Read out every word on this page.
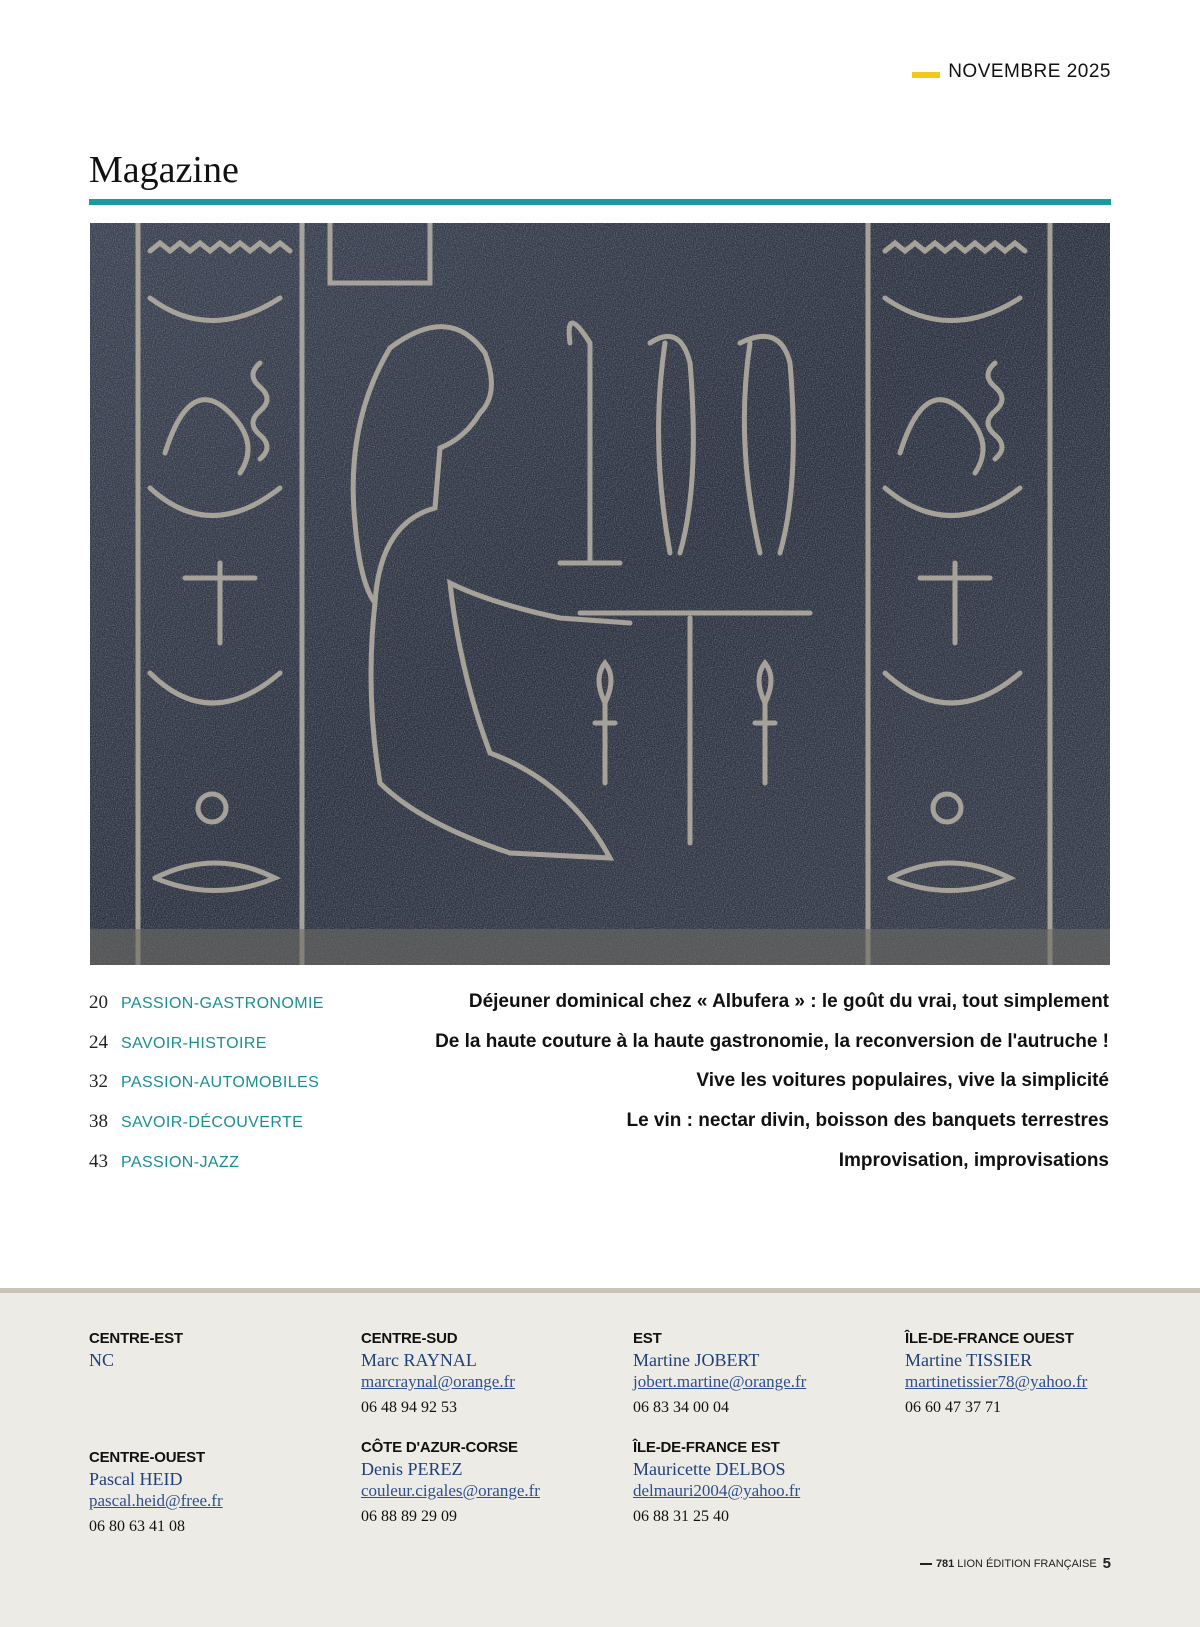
NOVEMBRE 2025
Magazine
20 PASSION-GASTRONOMIE	Déjeuner dominical chez « Albufera » : le goût du vrai, tout simplement
24 SAVOIR-HISTOIRE	De la haute couture à la haute gastronomie, la reconversion de l'autruche !
32 PASSION-AUTOMOBILES	Vive les voitures populaires, vive la simplicité
38 SAVOIR-DÉCOUVERTE	Le vin : nectar divin, boisson des banquets terrestres
43 PASSION-JAZZ	Improvisation, improvisations
CENTRE-EST
NC
CENTRE-SUD
Marc RAYNAL
marcraynal@orange.fr
06 48 94 92 53
EST
Martine JOBERT
jobert.martine@orange.fr
06 83 34 00 04
ÎLE-DE-FRANCE OUEST
Martine TISSIER
martinetissier78@yahoo.fr
06 60 47 37 71
CENTRE-OUEST
Pascal HEID
pascal.heid@free.fr
06 80 63 41 08
CÔTE D'AZUR-CORSE
Denis PEREZ
couleur.cigales@orange.fr
06 88 89 29 09
ÎLE-DE-FRANCE EST
Mauricette DELBOS
delmauri2004@yahoo.fr
06 88 31 25 40
781 LION ÉDITION FRANÇAISE 5
